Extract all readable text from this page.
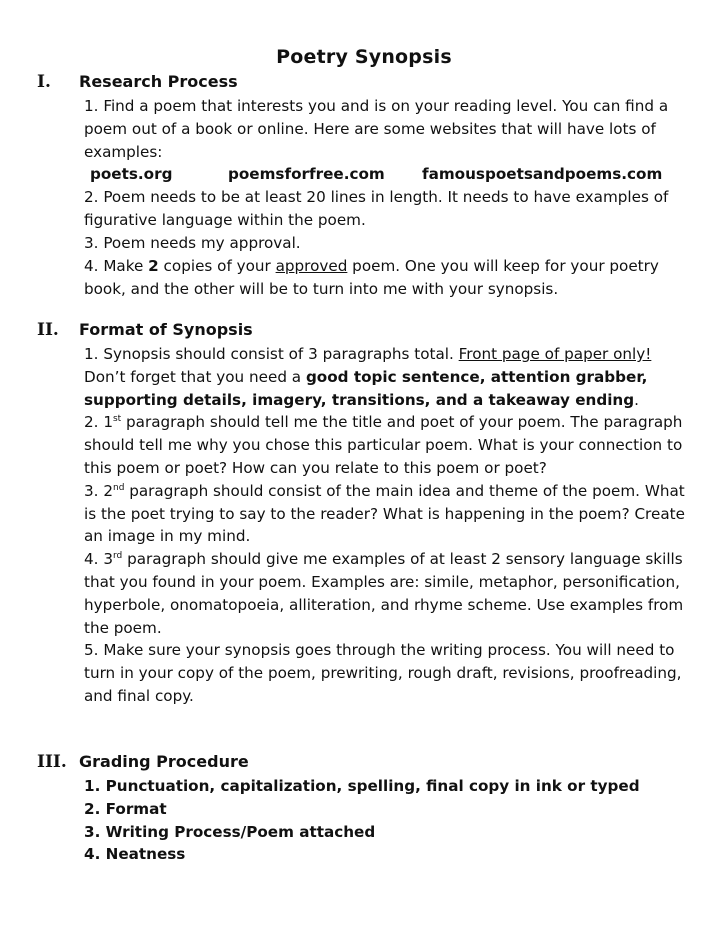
Poetry Synopsis
I. Research Process

1. Find a poem that interests you and is on your reading level. You can find a poem out of a book or online. Here are some websites that will have lots of examples:

poets.org	poemsforfree.com famouspoetsandpoems.com

2. Poem needs to be at least 20 lines in length. It needs to have examples of figurative language within the poem.

3. Poem needs my approval.

4. Make 2 copies of your approved poem. One you will keep for your poetry book, and the other will be to turn into me with your synopsis.

II. Format of Synopsis

1. Synopsis should consist of 3 paragraphs total. Front page of paper only! Don’t forget that you need a good topic sentence, attention grabber, supporting details, imagery, transitions, and a takeaway ending.

2. 1st paragraph should tell me the title and poet of your poem. The paragraph should tell me why you chose this particular poem. What is your connection to this poem or poet? How can you relate to this poem or poet?

3. 2nd paragraph should consist of the main idea and theme of the poem. What is the poet trying to say to the reader? What is happening in the poem? Create an image in my mind.

4. 3rd paragraph should give me examples of at least 2 sensory language skills that you found in your poem. Examples are: simile, metaphor, personification, hyperbole, onomatopoeia, alliteration, and rhyme scheme. Use examples from the poem.

5. Make sure your synopsis goes through the writing process. You will need to turn in your copy of the poem, prewriting, rough draft, revisions, proofreading, and final copy.

III. Grading Procedure

1. Punctuation, capitalization, spelling, final copy in ink or typed

2. Format

3. Writing Process/Poem attached

4. Neatness
